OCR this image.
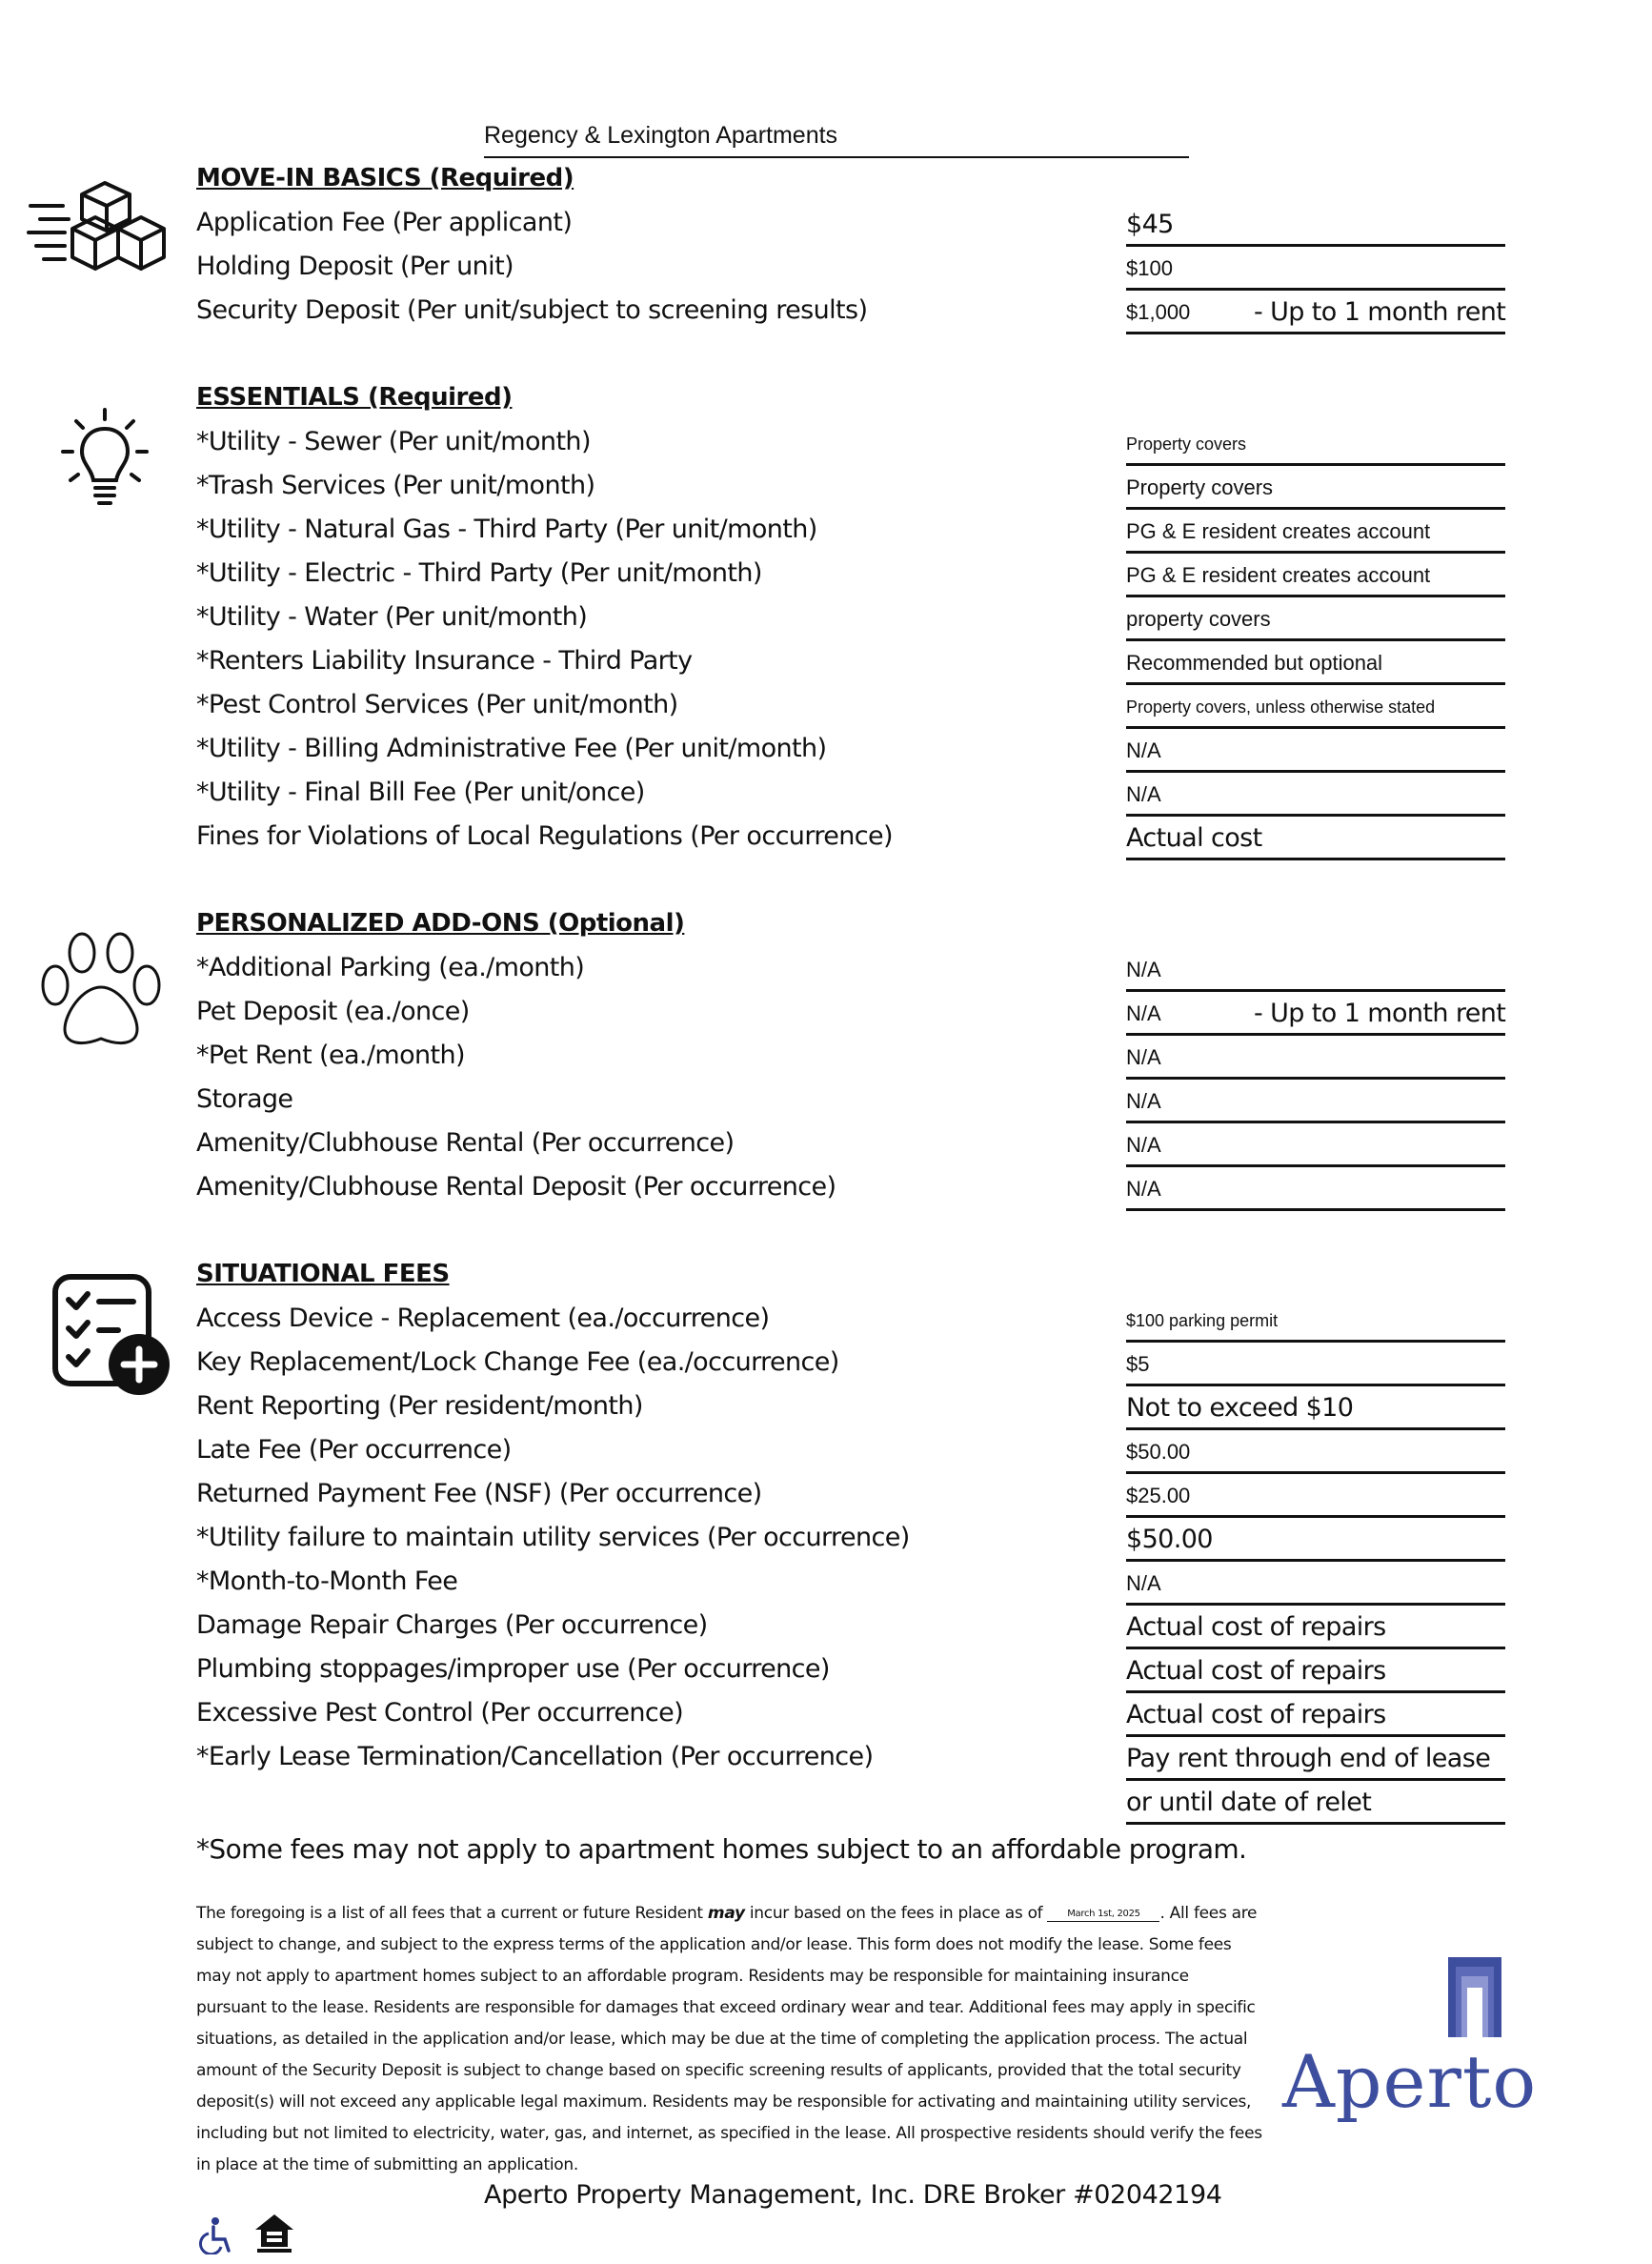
Regency & Lexington Apartments
MOVE-IN BASICS (Required)
Application Fee (Per applicant)	$45
Holding Deposit (Per unit)	$100
Security Deposit (Per unit/subject to screening results)	$1,000 - Up to 1 month rent
ESSENTIALS (Required)
*Utility - Sewer (Per unit/month)	Property covers
*Trash Services (Per unit/month)	Property covers
*Utility - Natural Gas - Third Party (Per unit/month)	PG & E resident creates account
*Utility - Electric - Third Party (Per unit/month)	PG & E resident creates account
*Utility - Water (Per unit/month)	property covers
*Renters Liability Insurance - Third Party	Recommended but optional
*Pest Control Services (Per unit/month)	Property covers, unless otherwise stated
*Utility - Billing Administrative Fee (Per unit/month)	N/A
*Utility - Final Bill Fee (Per unit/once)	N/A
Fines for Violations of Local Regulations (Per occurrence)	Actual cost
PERSONALIZED ADD-ONS (Optional)
*Additional Parking (ea./month)	N/A
Pet Deposit (ea./once)	N/A	- Up to 1 month rent
*Pet Rent (ea./month)	N/A
Storage	N/A
Amenity/Clubhouse Rental (Per occurrence)	N/A
Amenity/Clubhouse Rental Deposit (Per occurrence)	N/A
SITUATIONAL FEES
Access Device - Replacement (ea./occurrence)	$100 parking permit
Key Replacement/Lock Change Fee (ea./occurrence)	$5
Rent Reporting (Per resident/month)	Not to exceed $10
Late Fee (Per occurrence)	$50.00
Returned Payment Fee (NSF) (Per occurrence)	$25.00
*Utility failure to maintain utility services (Per occurrence)	$50.00
*Month-to-Month Fee	N/A
Damage Repair Charges (Per occurrence)	Actual cost of repairs
Plumbing stoppages/improper use (Per occurrence)	Actual cost of repairs
Excessive Pest Control (Per occurrence)	Actual cost of repairs
*Early Lease Termination/Cancellation (Per occurrence)	Pay rent through end of lease
or until date of relet
*Some fees may not apply to apartment homes subject to an affordable program.
The foregoing is a list of all fees that a current or future Resident may incur based on the fees in place as of March 1st, 2025 . All fees are subject to change, and subject to the express terms of the application and/or lease. This form does not modify the lease. Some fees may not apply to apartment homes subject to an affordable program. Residents may be responsible for maintaining insurance pursuant to the lease. Residents are responsible for damages that exceed ordinary wear and tear. Additional fees may apply in specific situations, as detailed in the application and/or lease, which may be due at the time of completing the application process. The actual amount of the Security Deposit is subject to change based on specific screening results of applicants, provided that the total security deposit(s) will not exceed any applicable legal maximum. Residents may be responsible for activating and maintaining utility services, including but not limited to electricity, water, gas, and internet, as specified in the lease. All prospective residents should verify the fees in place at the time of submitting an application.
Aperto Property Management, Inc. DRE Broker #02042194
Aperto
